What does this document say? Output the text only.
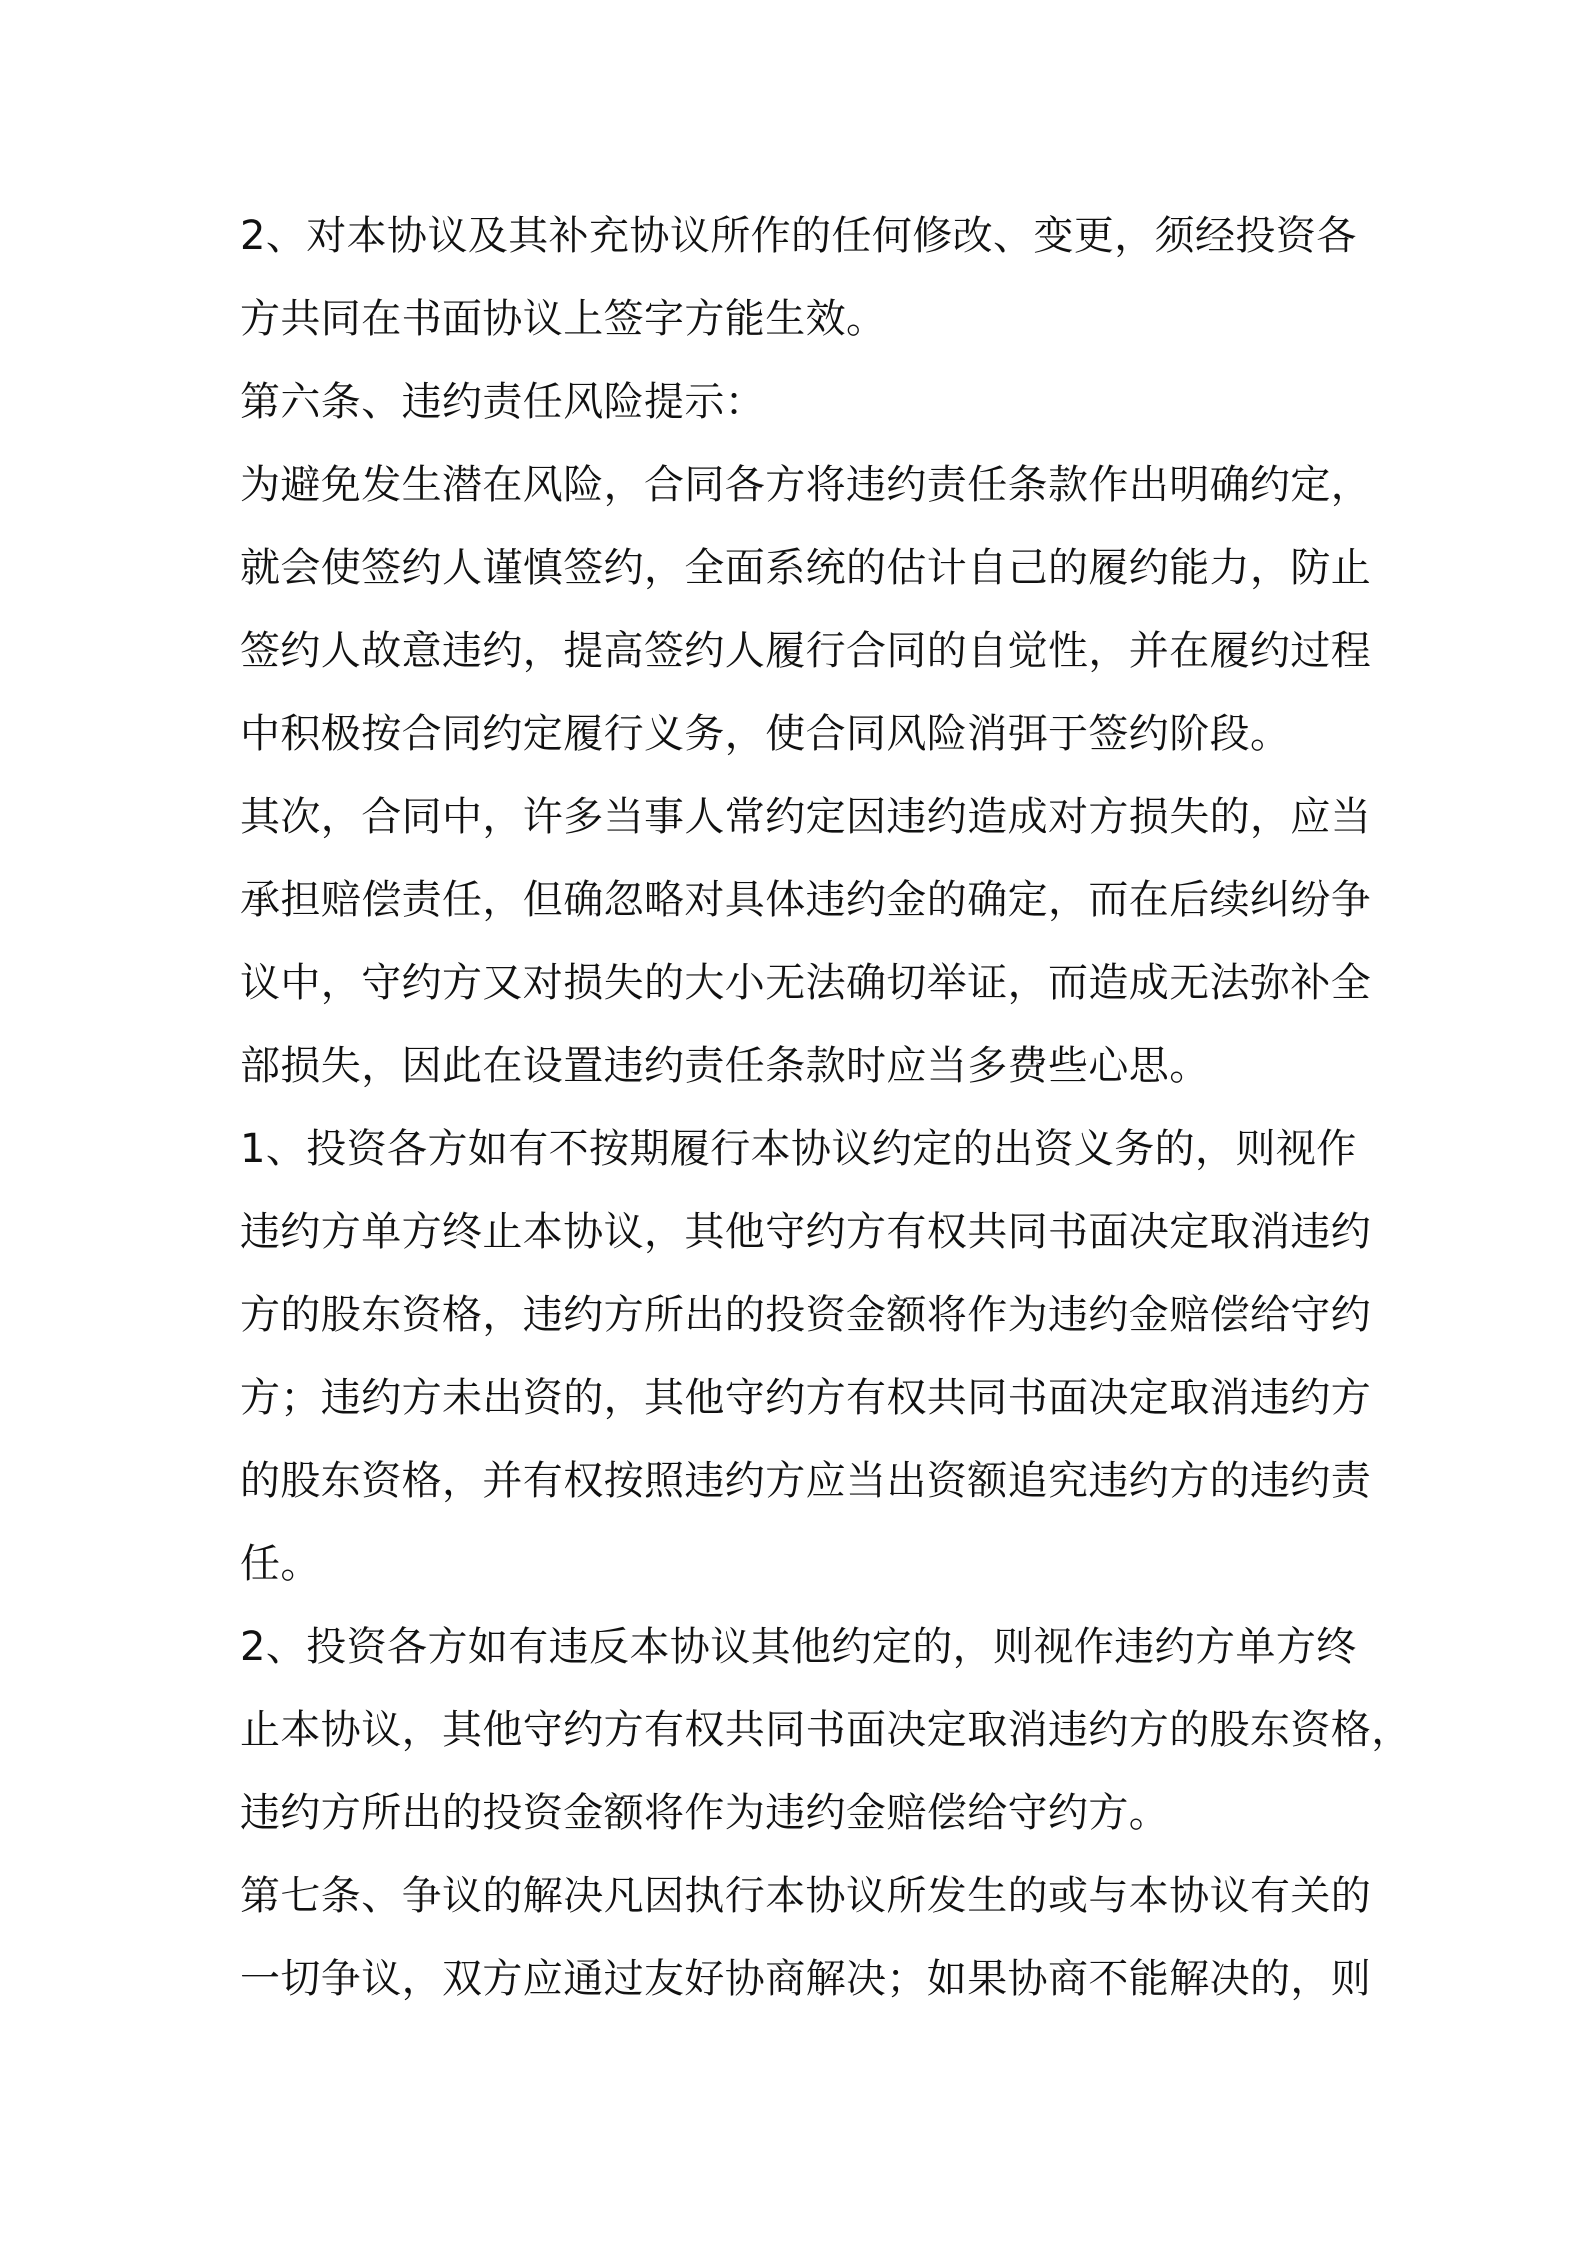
2、对本协议及其补充协议所作的任何修改、变更，须经投资各
方共同在书面协议上签字方能生效。
第六条、违约责任风险提示：
为避免发生潜在风险，合同各方将违约责任条款作出明确约定，
就会使签约人谨慎签约，全面系统的估计自己的履约能力，防止
签约人故意违约，提高签约人履行合同的自觉性，并在履约过程
中积极按合同约定履行义务，使合同风险消弭于签约阶段。
其次，合同中，许多当事人常约定因违约造成对方损失的，应当
承担赔偿责任，但确忽略对具体违约金的确定，而在后续纠纷争
议中，守约方又对损失的大小无法确切举证，而造成无法弥补全
部损失，因此在设置违约责任条款时应当多费些心思。
1、投资各方如有不按期履行本协议约定的出资义务的，则视作
违约方单方终止本协议，其他守约方有权共同书面决定取消违约
方的股东资格，违约方所出的投资金额将作为违约金赔偿给守约
方；违约方未出资的，其他守约方有权共同书面决定取消违约方
的股东资格，并有权按照违约方应当出资额追究违约方的违约责
任。
2、投资各方如有违反本协议其他约定的，则视作违约方单方终
止本协议，其他守约方有权共同书面决定取消违约方的股东资格，
违约方所出的投资金额将作为违约金赔偿给守约方。
第七条、争议的解决凡因执行本协议所发生的或与本协议有关的
一切争议，双方应通过友好协商解决；如果协商不能解决的，则
